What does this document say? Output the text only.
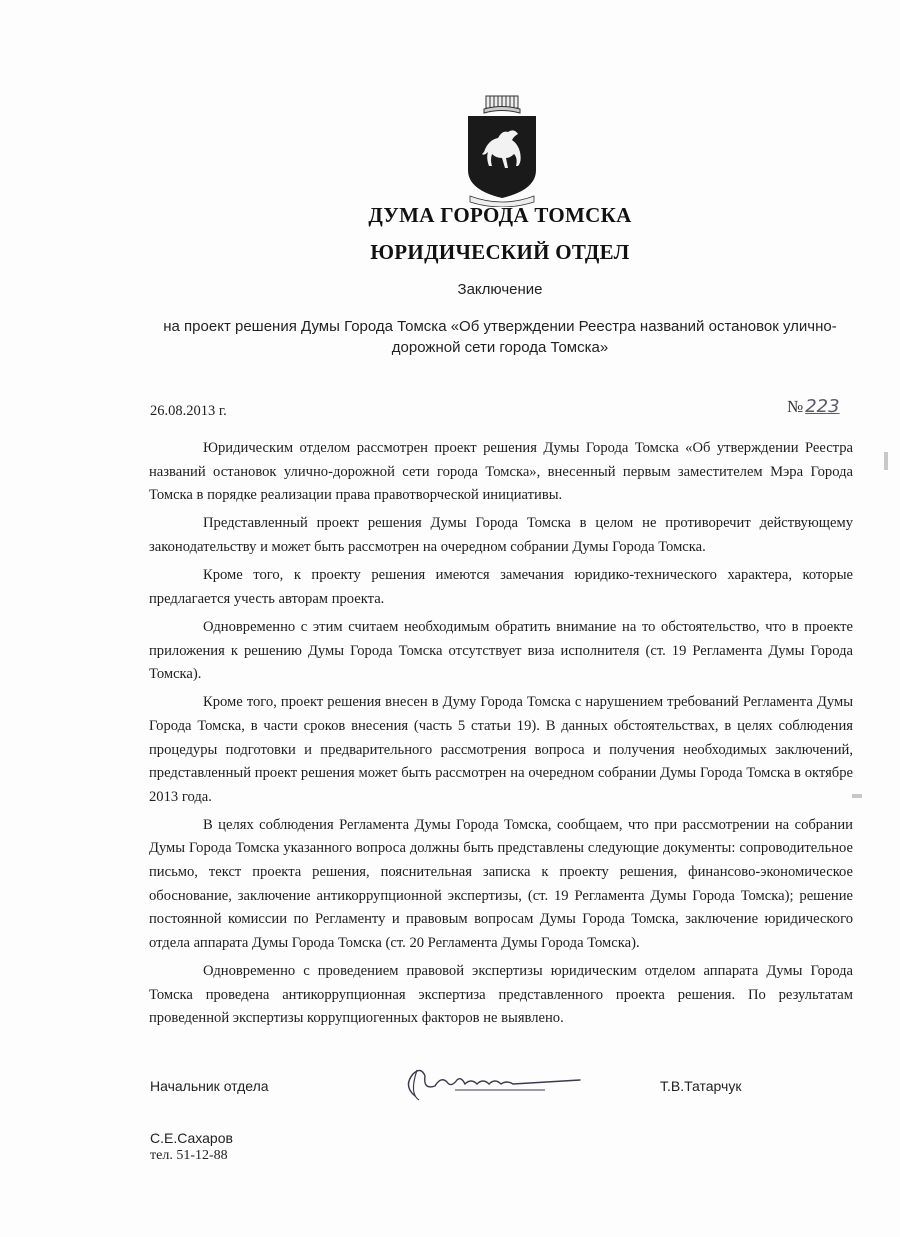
ДУМА ГОРОДА ТОМСКА
ЮРИДИЧЕСКИЙ ОТДЕЛ
Заключение
на проект решения Думы Города Томска «Об утверждении Реестра названий остановок улично-дорожной сети города Томска»
26.08.2013 г.	№ 223

Юридическим отделом рассмотрен проект решения Думы Города Томска «Об утверждении Реестра названий остановок улично-дорожной сети города Томска», внесенный первым заместителем Мэра Города Томска в порядке реализации права правотворческой инициативы.

Представленный проект решения Думы Города Томска в целом не противоречит действующему законодательству и может быть рассмотрен на очередном собрании Думы Города Томска.

Кроме того, к проекту решения имеются замечания юридико-технического характера, которые предлагается учесть авторам проекта.

Одновременно с этим считаем необходимым обратить внимание на то обстоятельство, что в проекте приложения к решению Думы Города Томска отсутствует виза исполнителя (ст. 19 Регламента Думы Города Томска).

Кроме того, проект решения внесен в Думу Города Томска с нарушением требований Регламента Думы Города Томска, в части сроков внесения (часть 5 статьи 19). В данных обстоятельствах, в целях соблюдения процедуры подготовки и предварительного рассмотрения вопроса и получения необходимых заключений, представленный проект решения может быть рассмотрен на очередном собрании Думы Города Томска в октябре 2013 года.

В целях соблюдения Регламента Думы Города Томска, сообщаем, что при рассмотрении на собрании Думы Города Томска указанного вопроса должны быть представлены следующие документы: сопроводительное письмо, текст проекта решения, пояснительная записка к проекту решения, финансово-экономическое обоснование, заключение антикоррупционной экспертизы, (ст. 19 Регламента Думы Города Томска); решение постоянной комиссии по Регламенту и правовым вопросам Думы Города Томска, заключение юридического отдела аппарата Думы Города Томска (ст. 20 Регламента Думы Города Томска).

Одновременно с проведением правовой экспертизы юридическим отделом аппарата Думы Города Томска проведена антикоррупционная экспертиза представленного проекта решения. По результатам проведенной экспертизы коррупциогенных факторов не выявлено.

Начальник отдела	Т.В.Татарчук
С.Е.Сахаров
тел. 51-12-88
